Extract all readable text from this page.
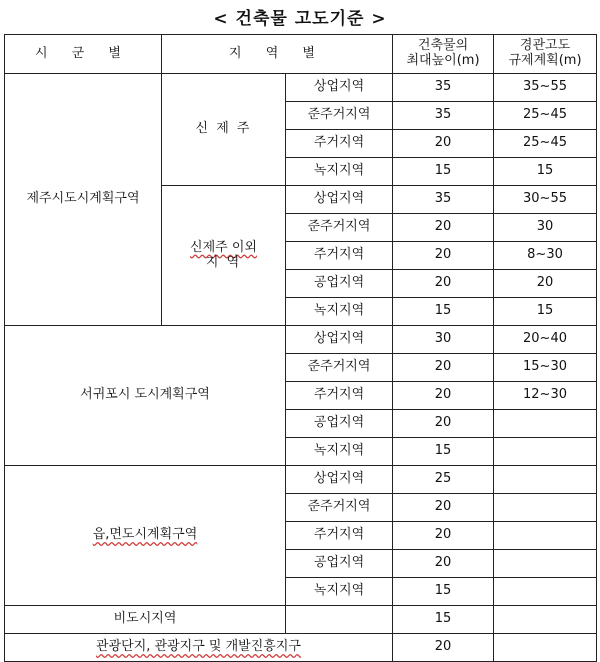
< 건축물 고도기준 >
시 군 별	지 역 별		건축물의
최대높이(m)	경관고도
규제계획(m)
제주시도시계획구역	신 제 주	상업지역	35	35~55
		준주거지역	35	25~45
		주거지역	20	25~45
		녹지지역	15	15
	신제주 이외
지 역	상업지역	35	30~55
		준주거지역	20	30
		주거지역	20	8~30
		공업지역	20	20
		녹지지역	15	15
서귀포시 도시계획구역		상업지역	30	20~40
		준주거지역	20	15~30
		주거지역	20	12~30
		공업지역	20	
		녹지지역	15	
읍,면도시계획구역		상업지역	25	
		준주거지역	20	
		주거지역	20	
		공업지역	20	
		녹지지역	15	
비도시지역			15	
관광단지, 관광지구 및 개발진흥지구			20	
